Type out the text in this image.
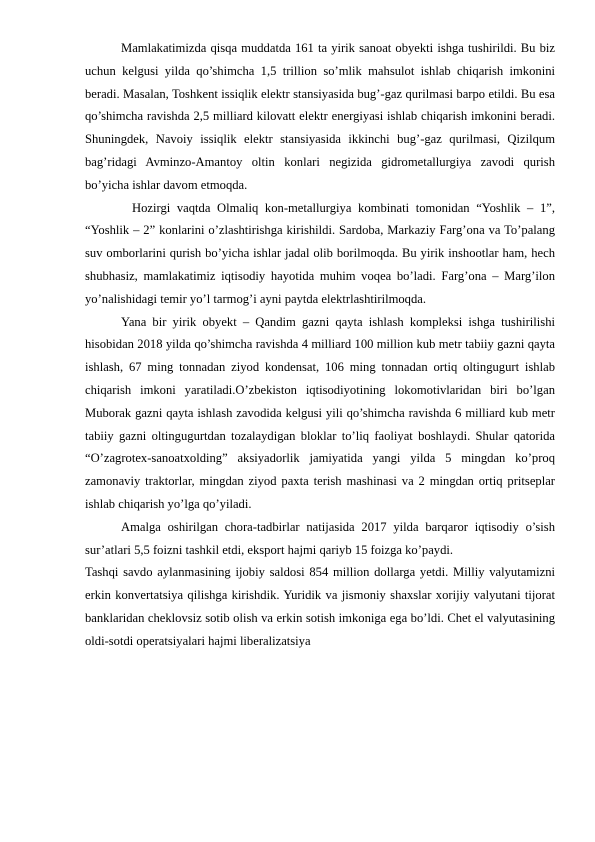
Mamlakatimizda qisqa muddatda 161 ta yirik sanoat obyekti ishga tushirildi. Bu biz uchun kelgusi yilda qo’shimcha 1,5 trillion so’mlik mahsulot ishlab chiqarish imkonini beradi. Masalan, Toshkent issiqlik elektr stansiyasida bug’-gaz qurilmasi barpo etildi. Bu esa qo’shimcha ravishda 2,5 milliard kilovatt elektr energiyasi ishlab chiqarish imkonini beradi. Shuningdek, Navoiy issiqlik elektr stansiyasida ikkinchi bug’-gaz qurilmasi, Qizilqum bag’ridagi Avminzo-Amantoy oltin konlari negizida gidrometallurgiya zavodi qurish bo’yicha ishlar davom etmoqda.

Hozirgi vaqtda Olmaliq kon-metallurgiya kombinati tomonidan “Yoshlik – 1”, “Yoshlik – 2” konlarini o’zlashtirishga kirishildi. Sardoba, Markaziy Farg’ona va To’palang suv omborlarini qurish bo’yicha ishlar jadal olib borilmoqda. Bu yirik inshootlar ham, hech shubhasiz, mamlakatimiz iqtisodiy hayotida muhim voqea bo’ladi. Farg’ona – Marg’ilon yo’nalishidagi temir yo’l tarmog’i ayni paytda elektrlashtirilmoqda.

Yana bir yirik obyekt – Qandim gazni qayta ishlash kompleksi ishga tushirilishi hisobidan 2018 yilda qo’shimcha ravishda 4 milliard 100 million kub metr tabiiy gazni qayta ishlash, 67 ming tonnadan ziyod kondensat, 106 ming tonnadan ortiq oltingugurt ishlab chiqarish imkoni yaratiladi.O’zbekiston iqtisodiyotining lokomotivlaridan biri bo’lgan Muborak gazni qayta ishlash zavodida kelgusi yili qo’shimcha ravishda 6 milliard kub metr tabiiy gazni oltingugurtdan tozalaydigan bloklar to’liq faoliyat boshlaydi. Shular qatorida “O’zagrotex-sanoatxolding” aksiyadorlik jamiyatida yangi yilda 5 mingdan ko’proq zamonaviy traktorlar, mingdan ziyod paxta terish mashinasi va 2 mingdan ortiq pritseplar ishlab chiqarish yo’lga qo’yiladi.

Amalga oshirilgan chora-tadbirlar natijasida 2017 yilda barqaror iqtisodiy o’sish sur’atlari 5,5 foizni tashkil etdi, eksport hajmi qariyb 15 foizga ko’paydi.

Tashqi savdo aylanmasining ijobiy saldosi 854 million dollarga yetdi. Milliy valyutamizni erkin konvertatsiya qilishga kirishdik. Yuridik va jismoniy shaxslar xorijiy valyutani tijorat banklaridan cheklovsiz sotib olish va erkin sotish imkoniga ega bo’ldi. Chet el valyutasining oldi-sotdi operatsiyalari hajmi liberalizatsiya
